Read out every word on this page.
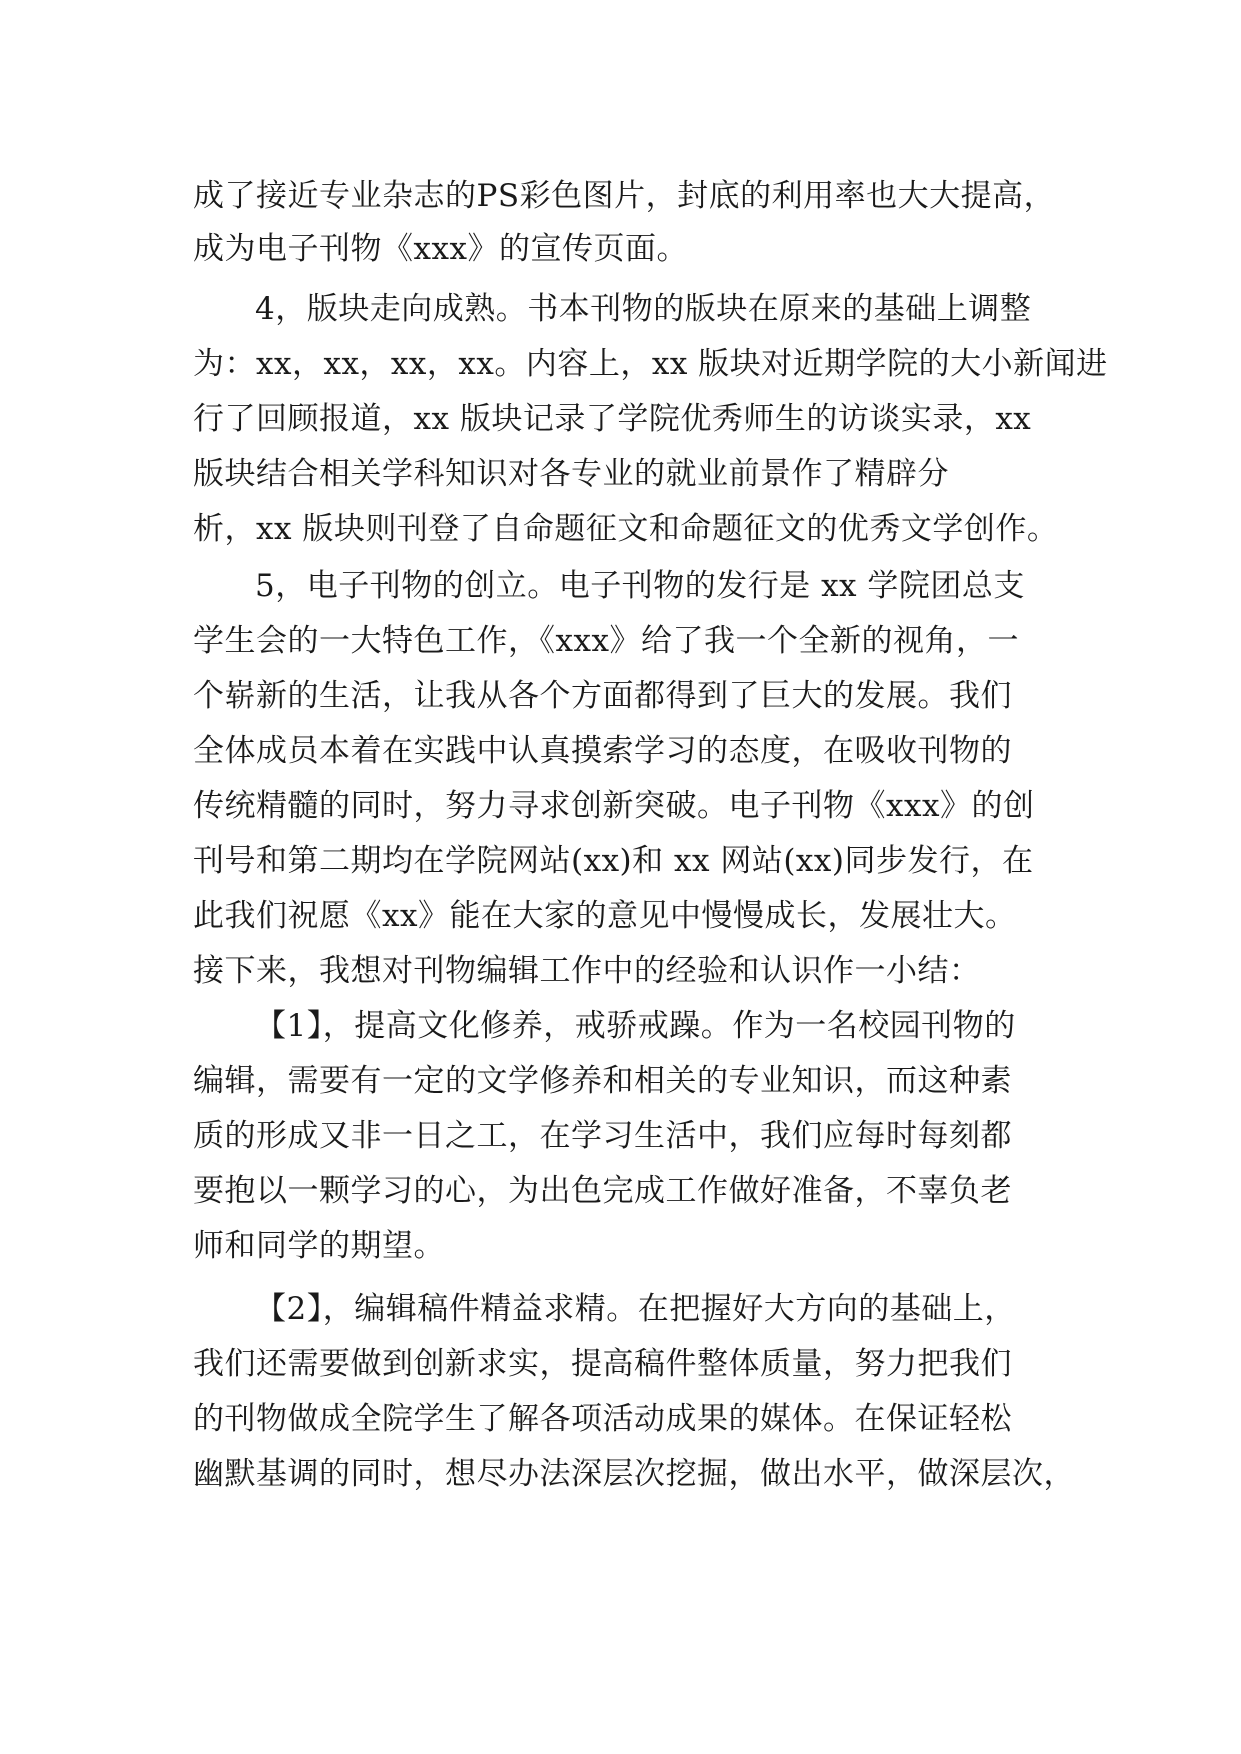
成了接近专业杂志的PS彩色图片，封底的利用率也大大提高，
成为电子刊物《xxx》的宣传页面。
4，版块走向成熟。书本刊物的版块在原来的基础上调整
为：xx，xx，xx，xx。内容上，xx 版块对近期学院的大小新闻进
行了回顾报道，xx 版块记录了学院优秀师生的访谈实录，xx
版块结合相关学科知识对各专业的就业前景作了精辟分
析，xx 版块则刊登了自命题征文和命题征文的优秀文学创作。
5，电子刊物的创立。电子刊物的发行是 xx 学院团总支
学生会的一大特色工作，《xxx》给了我一个全新的视角，一
个崭新的生活，让我从各个方面都得到了巨大的发展。我们
全体成员本着在实践中认真摸索学习的态度，在吸收刊物的
传统精髓的同时，努力寻求创新突破。电子刊物《xxx》的创
刊号和第二期均在学院网站(xx)和 xx 网站(xx)同步发行，在
此我们祝愿《xx》能在大家的意见中慢慢成长，发展壮大。
接下来，我想对刊物编辑工作中的经验和认识作一小结：
【1】，提高文化修养，戒骄戒躁。作为一名校园刊物的
编辑，需要有一定的文学修养和相关的专业知识，而这种素
质的形成又非一日之工，在学习生活中，我们应每时每刻都
要抱以一颗学习的心，为出色完成工作做好准备，不辜负老
师和同学的期望。
【2】，编辑稿件精益求精。在把握好大方向的基础上，
我们还需要做到创新求实，提高稿件整体质量，努力把我们
的刊物做成全院学生了解各项活动成果的媒体。在保证轻松
幽默基调的同时，想尽办法深层次挖掘，做出水平，做深层次，
